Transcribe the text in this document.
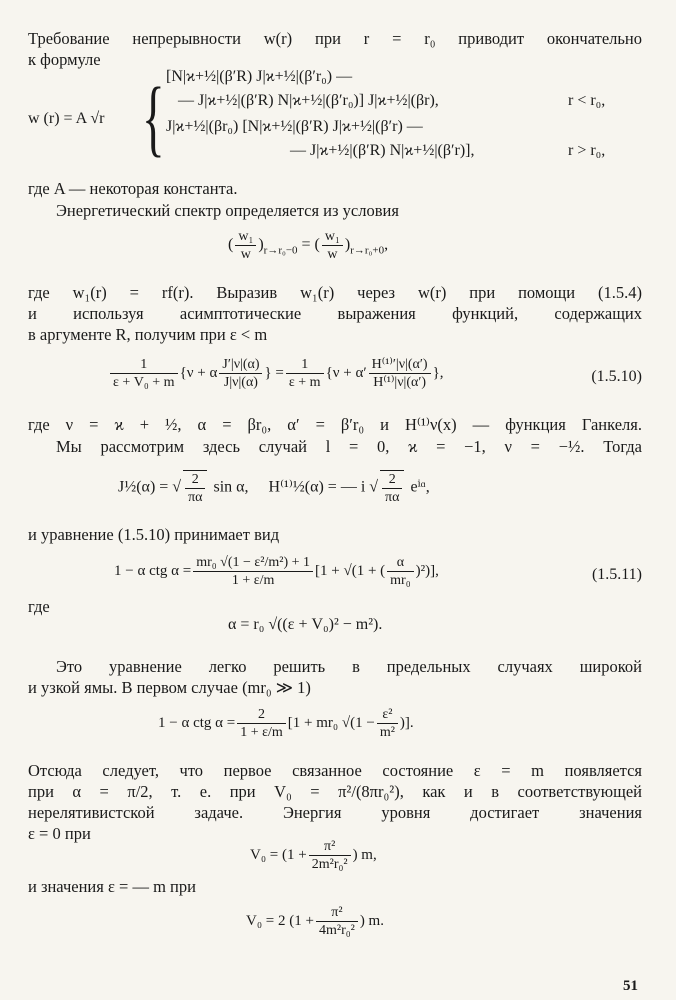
Требование непрерывности w(r) при r = r₀ приводит окончательно
к формуле
w (r) = A √r { [N|ϰ+½|(β′R) J|ϰ+½|(β′r₀) —
— J|ϰ+½|(β′R) N|ϰ+½|(β′r₀)] J|ϰ+½|(βr),	r < r₀,
J|ϰ+½|(βr₀) [N|ϰ+½|(β′R) J|ϰ+½|(β′r) —
— J|ϰ+½|(β′R) N|ϰ+½|(β′r)],	r > r₀,
где A — некоторая константа.
Энергетический спектр определяется из условия
( $\frac{\text{w₁}}{w} )_{r\to r_0-0}$ = ( $\frac{\text{w₁}}{w} )_{r\to r_0+0}$,
где w₁(r) = rf(r). Выразив w₁(r) через w(r) при помощи (1.5.4)
и используя асимптотические выражения функций, содержащих
в аргументе R, получим при ε < m
$\frac{1}{\text{ε + V₀ + m}} \{\nu + \alpha \frac{J'|\nu|(\alpha)}{J|\nu|(\alpha)}$ } = $\frac{1}{\varepsilon + m} \{\nu + \alpha' \frac{\text{H⁽¹⁾′|ν|(α′)}}{\text{H⁽¹⁾|ν|(α′)}}$ },	(1.5.10)
где ν = ϰ + ½, α = βr₀, α′ = β′r₀ и H⁽¹⁾ν(x) — функция Ганкеля.
Мы рассмотрим здесь случай l = 0, ϰ = −1, ν = −½. Тогда
J½(α) = √ $\frac{2}{\pi\alpha}$ sin α, H⁽¹⁾½(α) = — i √ $\frac{2}{\pi\alpha}$ eⁱᵅ,
и уравнение (1.5.10) принимает вид
1 − α ctg $\alpha = \frac{\text{mr₀ √(1 − ε²/m²) + 1}}{1 + \varepsilon/m} [1 + √(1$ + ( $\frac{\alpha}{\text{mr₀}} )^2$)],	(1.5.11)
где
α = r₀ √((ε + V₀)² − m²).
Это уравнение легко решить в предельных случаях широкой
и узкой ямы. В первом случае (mr₀ ≫ 1)
1 − α ctg $\alpha = \frac{2}{1 + \varepsilon/m} [1 + mr_0$ $√(1 - \frac{\text{ε²}}{\text{m²}}$ )].
Отсюда следует, что первое связанное состояние ε = m появляется
при α = π/2, т. е. при V₀ = π²/(8πr₀²), как и в соответствующей
нерелятивистской задаче. Энергия уровня достигает значения
ε = 0 при
$V_0 = (1 + \frac{\text{π²}}{\text{2m²r₀²}}$ ) m,
и значения ε = — m при
V₀ = 2 ($1 + \frac{\text{π²}}{\text{4m²r₀²}}$ ) m.
51
